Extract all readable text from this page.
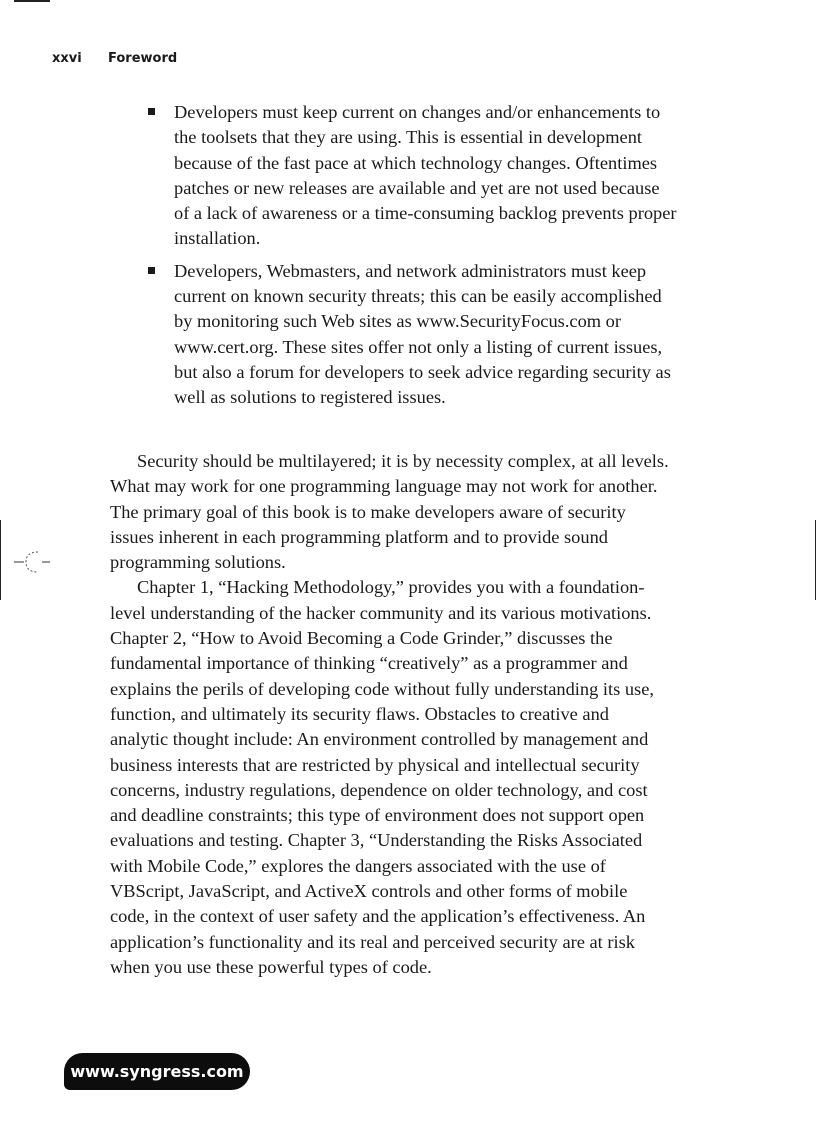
xxvi Foreword
Developers must keep current on changes and/or enhancements to the toolsets that they are using. This is essential in development because of the fast pace at which technology changes. Oftentimes patches or new releases are available and yet are not used because of a lack of awareness or a time-consuming backlog prevents proper installation.
Developers, Webmasters, and network administrators must keep current on known security threats; this can be easily accomplished by monitoring such Web sites as www.SecurityFocus.com or www.cert.org. These sites offer not only a listing of current issues, but also a forum for developers to seek advice regarding security as well as solutions to registered issues.

Security should be multilayered; it is by necessity complex, at all levels. What may work for one programming language may not work for another. The primary goal of this book is to make developers aware of security issues inherent in each programming platform and to provide sound programming solutions.

Chapter 1, “Hacking Methodology,” provides you with a foundation-level understanding of the hacker community and its various motivations. Chapter 2, “How to Avoid Becoming a Code Grinder,” discusses the fundamental importance of thinking “creatively” as a programmer and explains the perils of developing code without fully understanding its use, function, and ultimately its security flaws. Obstacles to creative and analytic thought include: An environment controlled by management and business interests that are restricted by physical and intellectual security concerns, industry regulations, dependence on older technology, and cost and deadline constraints; this type of environment does not support open evaluations and testing. Chapter 3, “Understanding the Risks Associated with Mobile Code,” explores the dangers associated with the use of VBScript, JavaScript, and ActiveX controls and other forms of mobile code, in the context of user safety and the application’s effectiveness. An application’s functionality and its real and perceived security are at risk when you use these powerful types of code.

www.syngress.com
